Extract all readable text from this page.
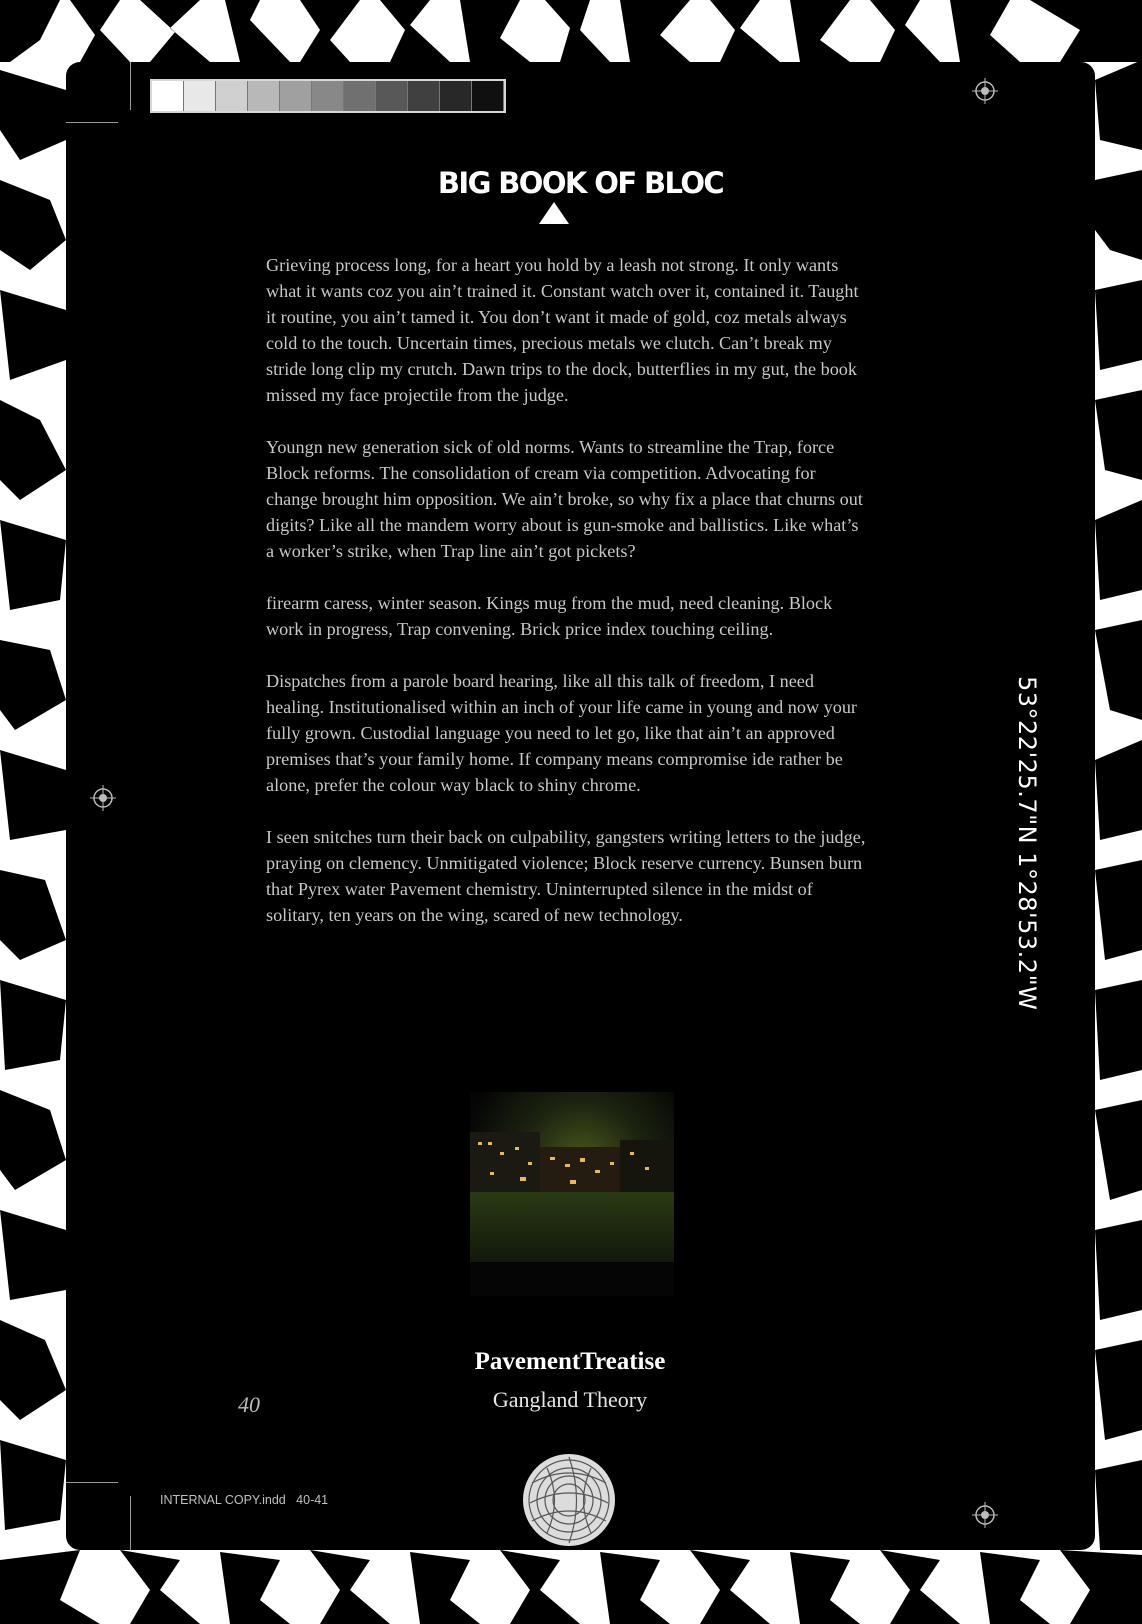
BIG BOOK OF BLOC

Grieving process long, for a heart you hold by a leash not strong. It only wants what it wants coz you ain’t trained it. Constant watch over it, contained it. Taught it routine, you ain’t tamed it. You don’t want it made of gold, coz metals always cold to the touch. Uncertain times, precious metals we clutch. Can’t break my stride long clip my crutch. Dawn trips to the dock, butterflies in my gut, the book missed my face projectile from the judge.

Youngn new generation sick of old norms. Wants to streamline the Trap, force Block reforms. The consolidation of cream via competition. Advocating for change brought him opposition. We ain’t broke, so why fix a place that churns out digits? Like all the mandem worry about is gun-smoke and ballistics. Like what’s a worker’s strike, when Trap line ain’t got pickets?

firearm caress, winter season. Kings mug from the mud, need cleaning. Block work in progress, Trap convening. Brick price index touching ceiling.

Dispatches from a parole board hearing, like all this talk of freedom, I need healing. Institutionalised within an inch of your life came in young and now your fully grown. Custodial language you need to let go, like that ain’t an approved premises that’s your family home. If company means compromise ide rather be alone, prefer the colour way black to shiny chrome.

I seen snitches turn their back on culpability, gangsters writing letters to the judge, praying on clemency. Unmitigated violence; Block reserve currency. Bunsen burn that Pyrex water Pavement chemistry. Uninterrupted silence in the midst of solitary, ten years on the wing, scared of new technology.

40
PavementTreatise
Gangland Theory
INTERNAL COPY.indd   40-41
53°22'25.7"N 1°28'53.2"W
